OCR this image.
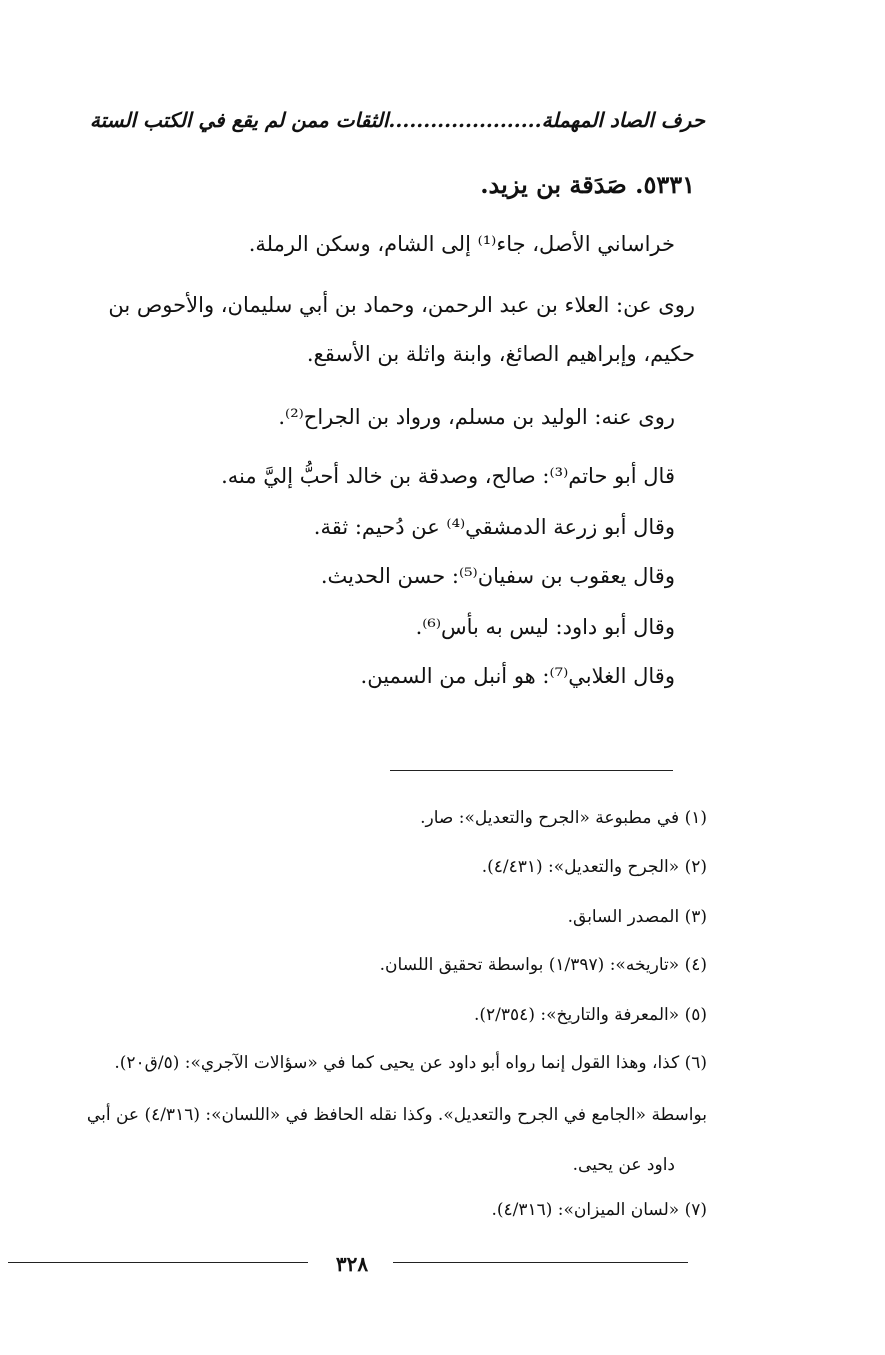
حرف الصاد المهملة......................الثقات ممن لم يقع في الكتب الستة
٥٣٣١. صَدَقة بن يزيد.
خراساني الأصل، جاء⁽¹⁾ إلى الشام، وسكن الرملة.
روى عن: العلاء بن عبد الرحمن، وحماد بن أبي سليمان، والأحوص بن
حكيم، وإبراهيم الصائغ، وابنة واثلة بن الأسقع.
روى عنه: الوليد بن مسلم، ورواد بن الجراح⁽²⁾.
قال أبو حاتم⁽³⁾: صالح، وصدقة بن خالد أحبُّ إليَّ منه.
وقال أبو زرعة الدمشقي⁽⁴⁾ عن دُحيم: ثقة.
وقال يعقوب بن سفيان⁽⁵⁾: حسن الحديث.
وقال أبو داود: ليس به بأس⁽⁶⁾.
وقال الغلابي⁽⁷⁾: هو أنبل من السمين.
(١) في مطبوعة «الجرح والتعديل»: صار.
(٢) «الجرح والتعديل»: (٤/٤٣١).
(٣) المصدر السابق.
(٤) «تاريخه»: (١/٣٩٧) بواسطة تحقيق اللسان.
(٥) «المعرفة والتاريخ»: (٢/٣٥٤).
(٦) كذا، وهذا القول إنما رواه أبو داود عن يحيى كما في «سؤالات الآجري»: (٥/ق٢٠).
بواسطة «الجامع في الجرح والتعديل». وكذا نقله الحافظ في «اللسان»: (٤/٣١٦) عن أبي
داود عن يحيى.
(٧) «لسان الميزان»: (٤/٣١٦).
٣٢٨
